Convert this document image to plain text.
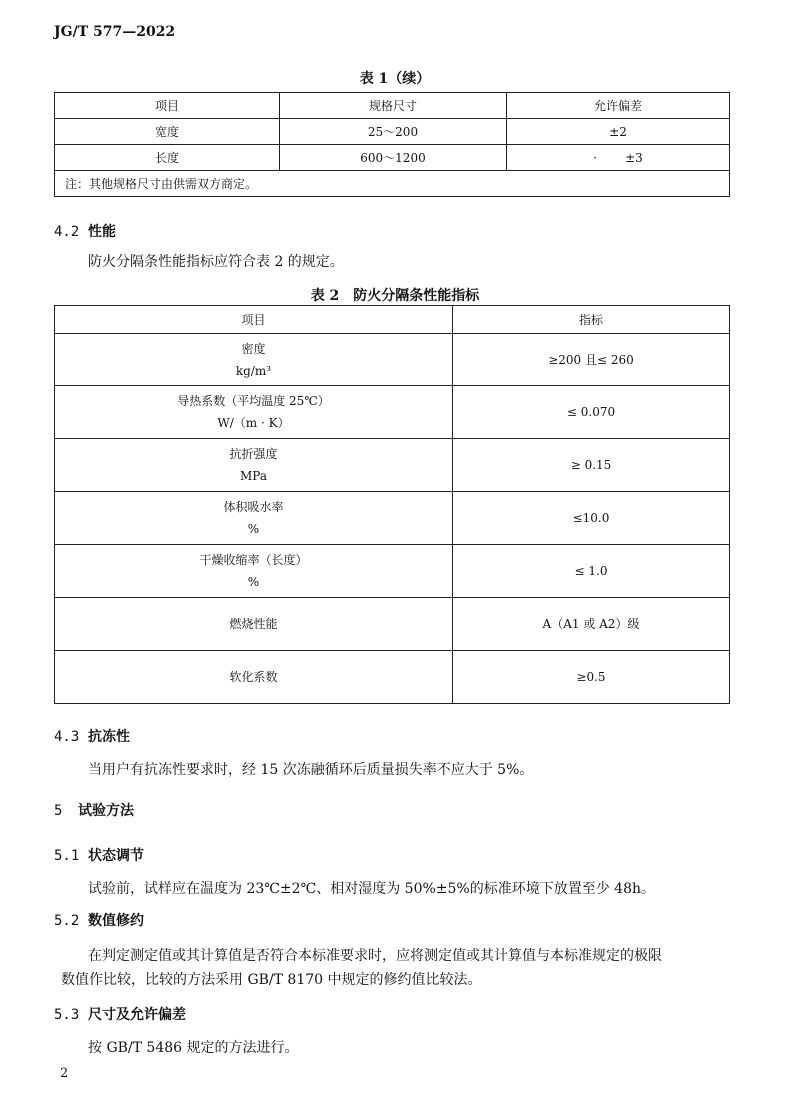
JG/T 577—2022
表 1（续）
项目	规格尺寸	允许偏差
宽度	25～200	±2
长度	600～1200	· ±3
注：其他规格尺寸由供需双方商定。		
4.2 性能
防火分隔条性能指标应符合表 2 的规定。
表 2　防火分隔条性能指标
项目	指标

密度
kg/m³	≥200 且≤ 260

导热系数（平均温度 25℃）
W/（m · K）	≤ 0.070

抗折强度
MPa	≥ 0.15

体积吸水率
%	≤10.0

干燥收缩率（长度）
%	≤ 1.0
燃烧性能	A（A1 或 A2）级
软化系数	≥0.5
4.3 抗冻性
当用户有抗冻性要求时，经 15 次冻融循环后质量损失率不应大于 5%。
5 试验方法
5.1 状态调节
试验前，试样应在温度为 23℃±2℃、相对湿度为 50%±5%的标准环境下放置至少 48h。
5.2 数值修约
在判定测定值或其计算值是否符合本标准要求时，应将测定值或其计算值与本标准规定的极限
数值作比较，比较的方法采用 GB/T 8170 中规定的修约值比较法。
5.3 尺寸及允许偏差
按 GB/T 5486 规定的方法进行。
2
